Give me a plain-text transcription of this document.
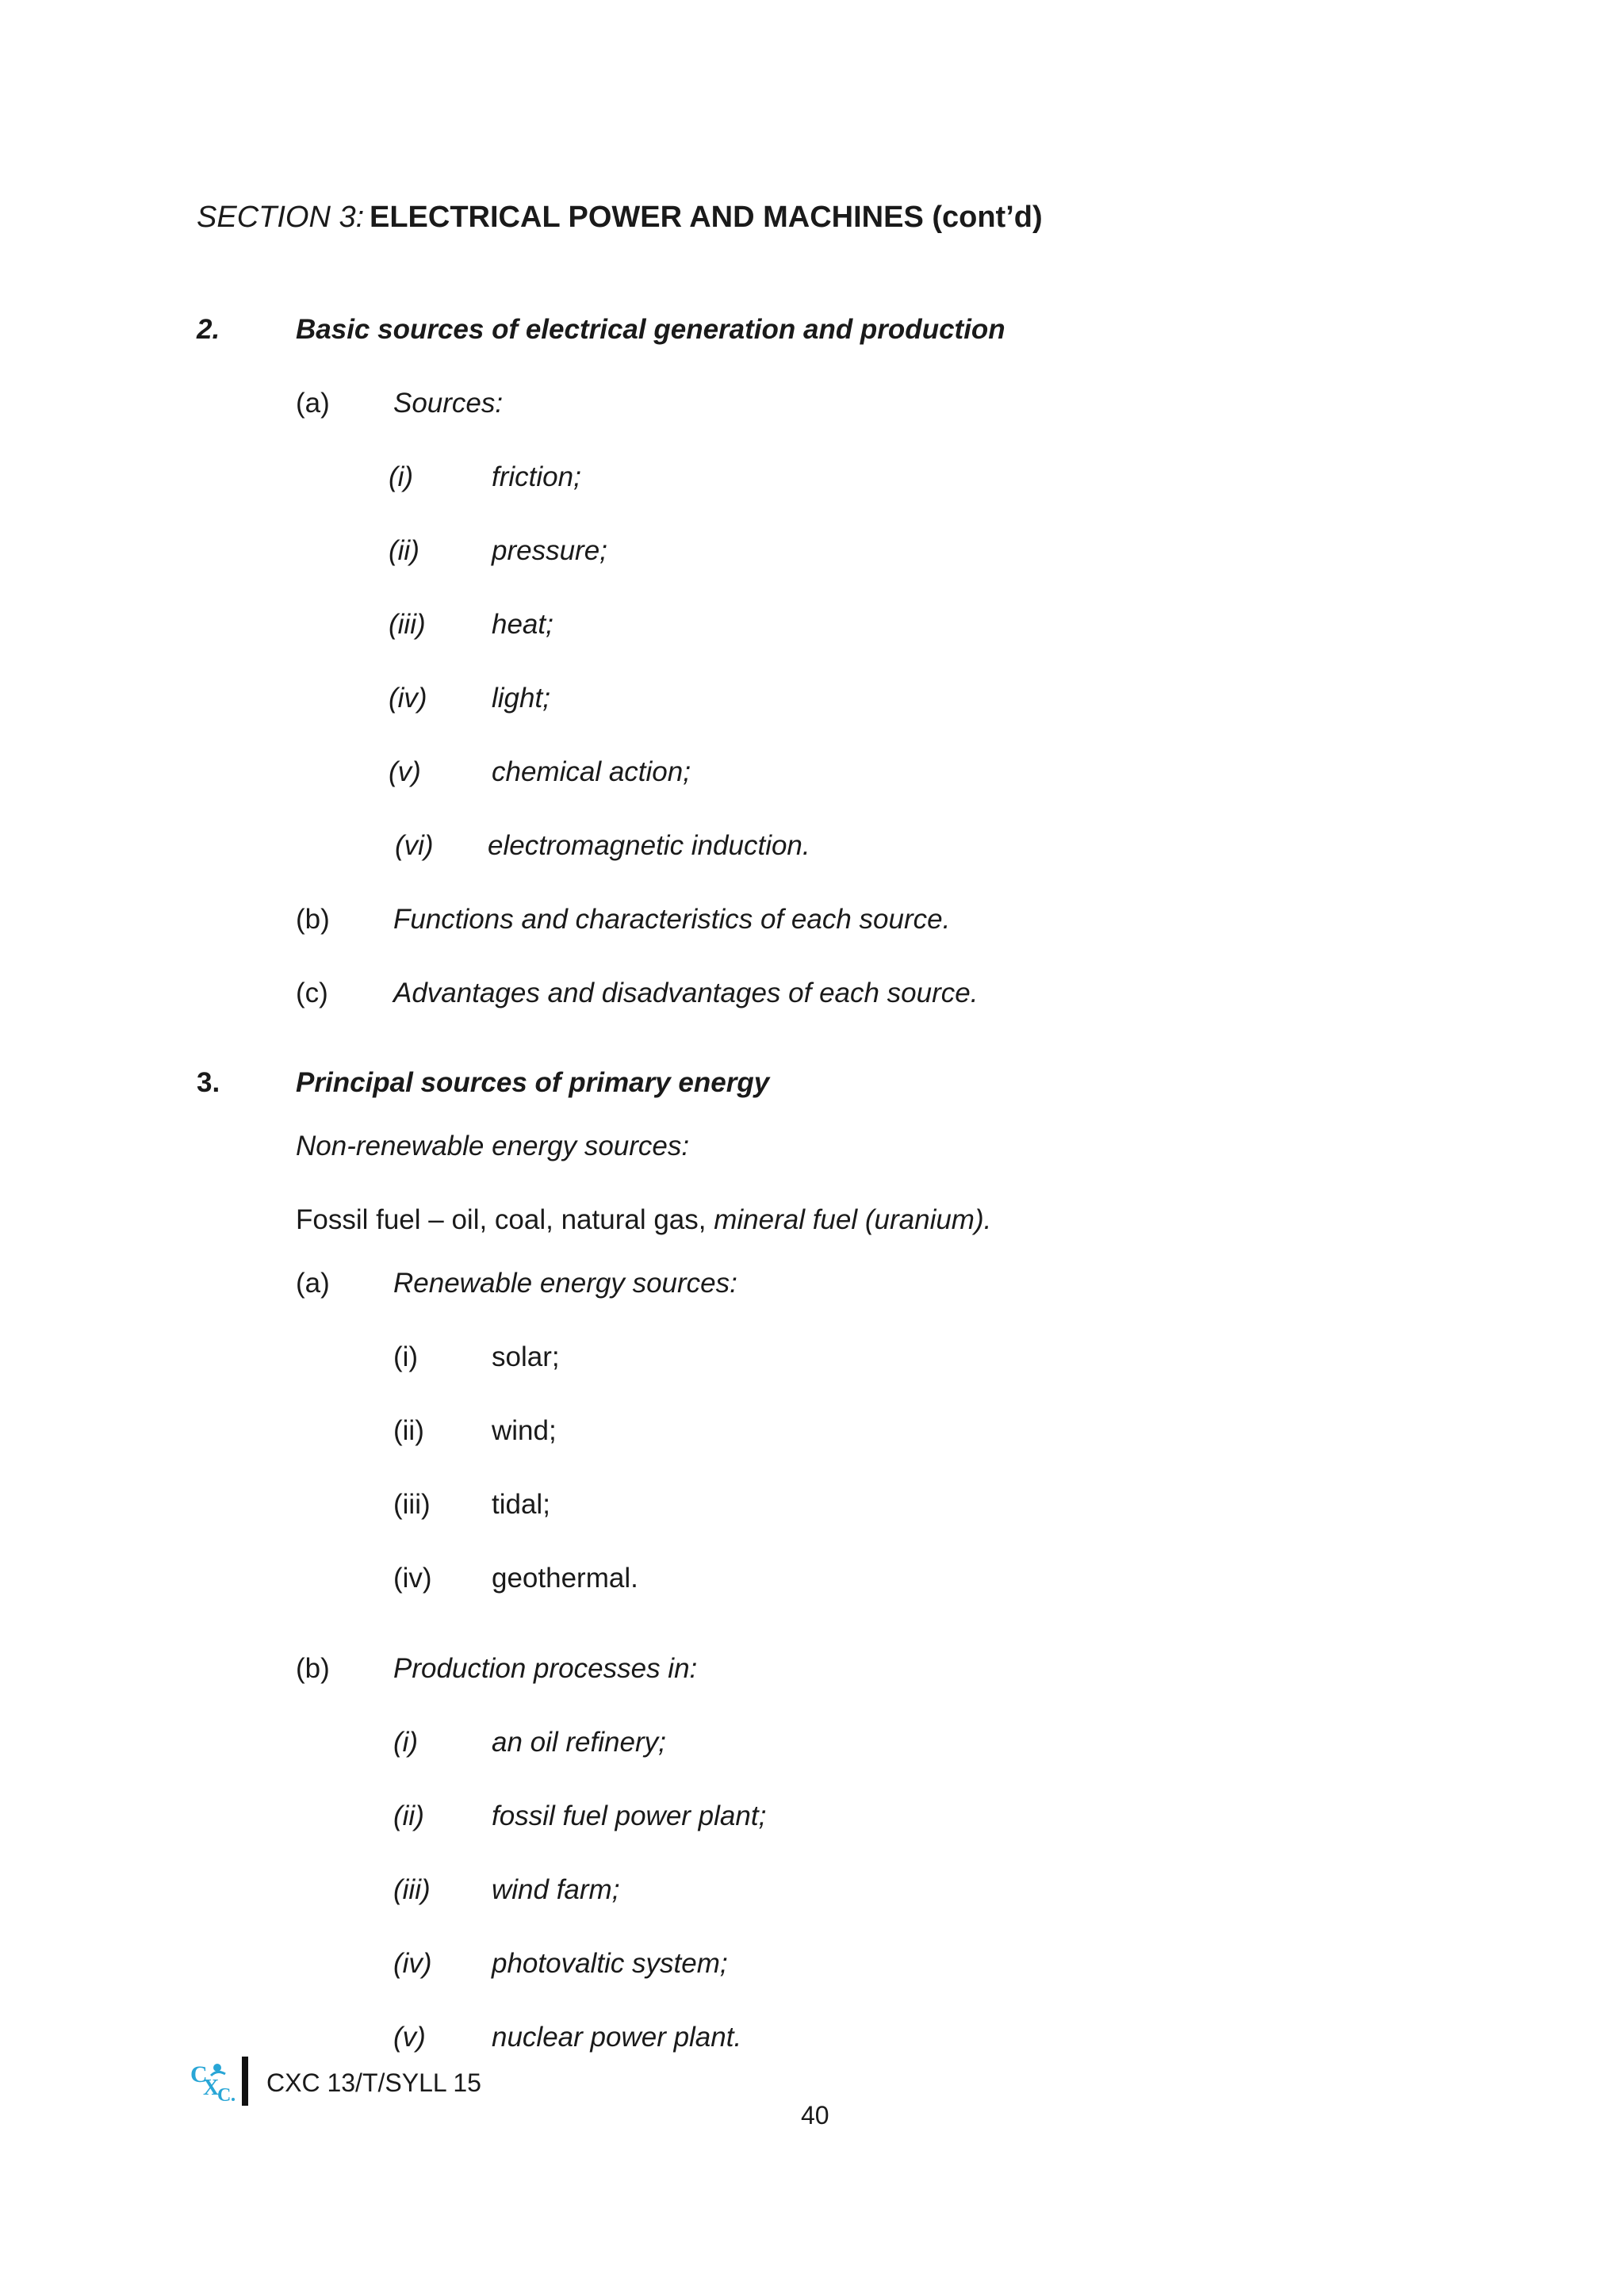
SECTION 3: ELECTRICAL POWER AND MACHINES (cont’d)
2.	Basic sources of electrical generation and production
(a) Sources:
(i)	friction;
(ii)	pressure;
(iii) heat;
(iv) light;
(v)	chemical action;
(vi) electromagnetic induction.
(b) Functions and characteristics of each source.
(c) Advantages and disadvantages of each source.
3.	Principal sources of primary energy
Non-renewable energy sources:
Fossil fuel – oil, coal, natural gas, mineral fuel (uranium).
(a) Renewable energy sources:
(i)	solar;
(ii) wind;
(iii) tidal;
(iv) geothermal.
(b) Production processes in:
(i)	an oil refinery;
(ii) fossil fuel power plant;
(iii) wind farm;
(iv) photovaltic system;
(v) nuclear power plant.
C
X
C CXC 13/T/SYLL 15
40
